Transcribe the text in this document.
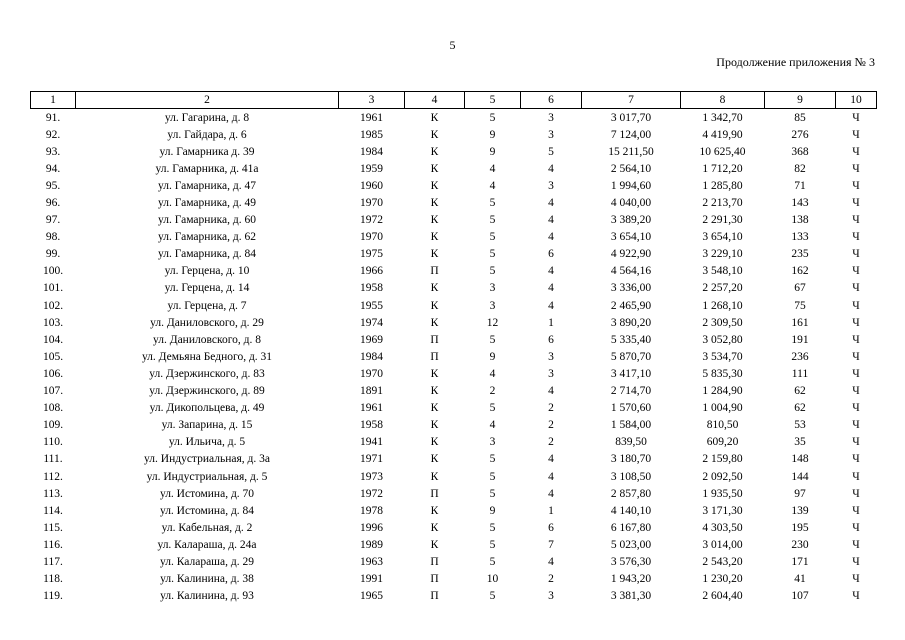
5
Продолжение приложения № 3
1	2	3	4	5	6	7	8	9	10
91.	ул. Гагарина, д. 8	1961	К	5	3	3 017,70	1 342,70	85	Ч
92.	ул. Гайдара, д. 6	1985	К	9	3	7 124,00	4 419,90	276	Ч
93.	ул. Гамарника д. 39	1984	К	9	5	15 211,50	10 625,40	368	Ч
94.	ул. Гамарника, д. 41а	1959	К	4	4	2 564,10	1 712,20	82	Ч
95.	ул. Гамарника, д. 47	1960	К	4	3	1 994,60	1 285,80	71	Ч
96.	ул. Гамарника, д. 49	1970	К	5	4	4 040,00	2 213,70	143	Ч
97.	ул. Гамарника, д. 60	1972	К	5	4	3 389,20	2 291,30	138	Ч
98.	ул. Гамарника, д. 62	1970	К	5	4	3 654,10	3 654,10	133	Ч
99.	ул. Гамарника, д. 84	1975	К	5	6	4 922,90	3 229,10	235	Ч
100.	ул. Герцена, д. 10	1966	П	5	4	4 564,16	3 548,10	162	Ч
101.	ул. Герцена, д. 14	1958	К	3	4	3 336,00	2 257,20	67	Ч
102.	ул. Герцена, д. 7	1955	К	3	4	2 465,90	1 268,10	75	Ч
103.	ул. Даниловского, д. 29	1974	К	12	1	3 890,20	2 309,50	161	Ч
104.	ул. Даниловского, д. 8	1969	П	5	6	5 335,40	3 052,80	191	Ч
105.	ул. Демьяна Бедного, д. 31	1984	П	9	3	5 870,70	3 534,70	236	Ч
106.	ул. Дзержинского, д. 83	1970	К	4	3	3 417,10	5 835,30	111	Ч
107.	ул. Дзержинского, д. 89	1891	К	2	4	2 714,70	1 284,90	62	Ч
108.	ул. Дикопольцева, д. 49	1961	К	5	2	1 570,60	1 004,90	62	Ч
109.	ул. Запарина, д. 15	1958	К	4	2	1 584,00	810,50	53	Ч
110.	ул. Ильича, д. 5	1941	К	3	2	839,50	609,20	35	Ч
111.	ул. Индустриальная, д. 3а	1971	К	5	4	3 180,70	2 159,80	148	Ч
112.	ул. Индустриальная, д. 5	1973	К	5	4	3 108,50	2 092,50	144	Ч
113.	ул. Истомина, д. 70	1972	П	5	4	2 857,80	1 935,50	97	Ч
114.	ул. Истомина, д. 84	1978	К	9	1	4 140,10	3 171,30	139	Ч
115.	ул. Кабельная, д. 2	1996	К	5	6	6 167,80	4 303,50	195	Ч
116.	ул. Калараша, д. 24а	1989	К	5	7	5 023,00	3 014,00	230	Ч
117.	ул. Калараша, д. 29	1963	П	5	4	3 576,30	2 543,20	171	Ч
118.	ул. Калинина, д. 38	1991	П	10	2	1 943,20	1 230,20	41	Ч
119.	ул. Калинина, д. 93	1965	П	5	3	3 381,30	2 604,40	107	Ч
